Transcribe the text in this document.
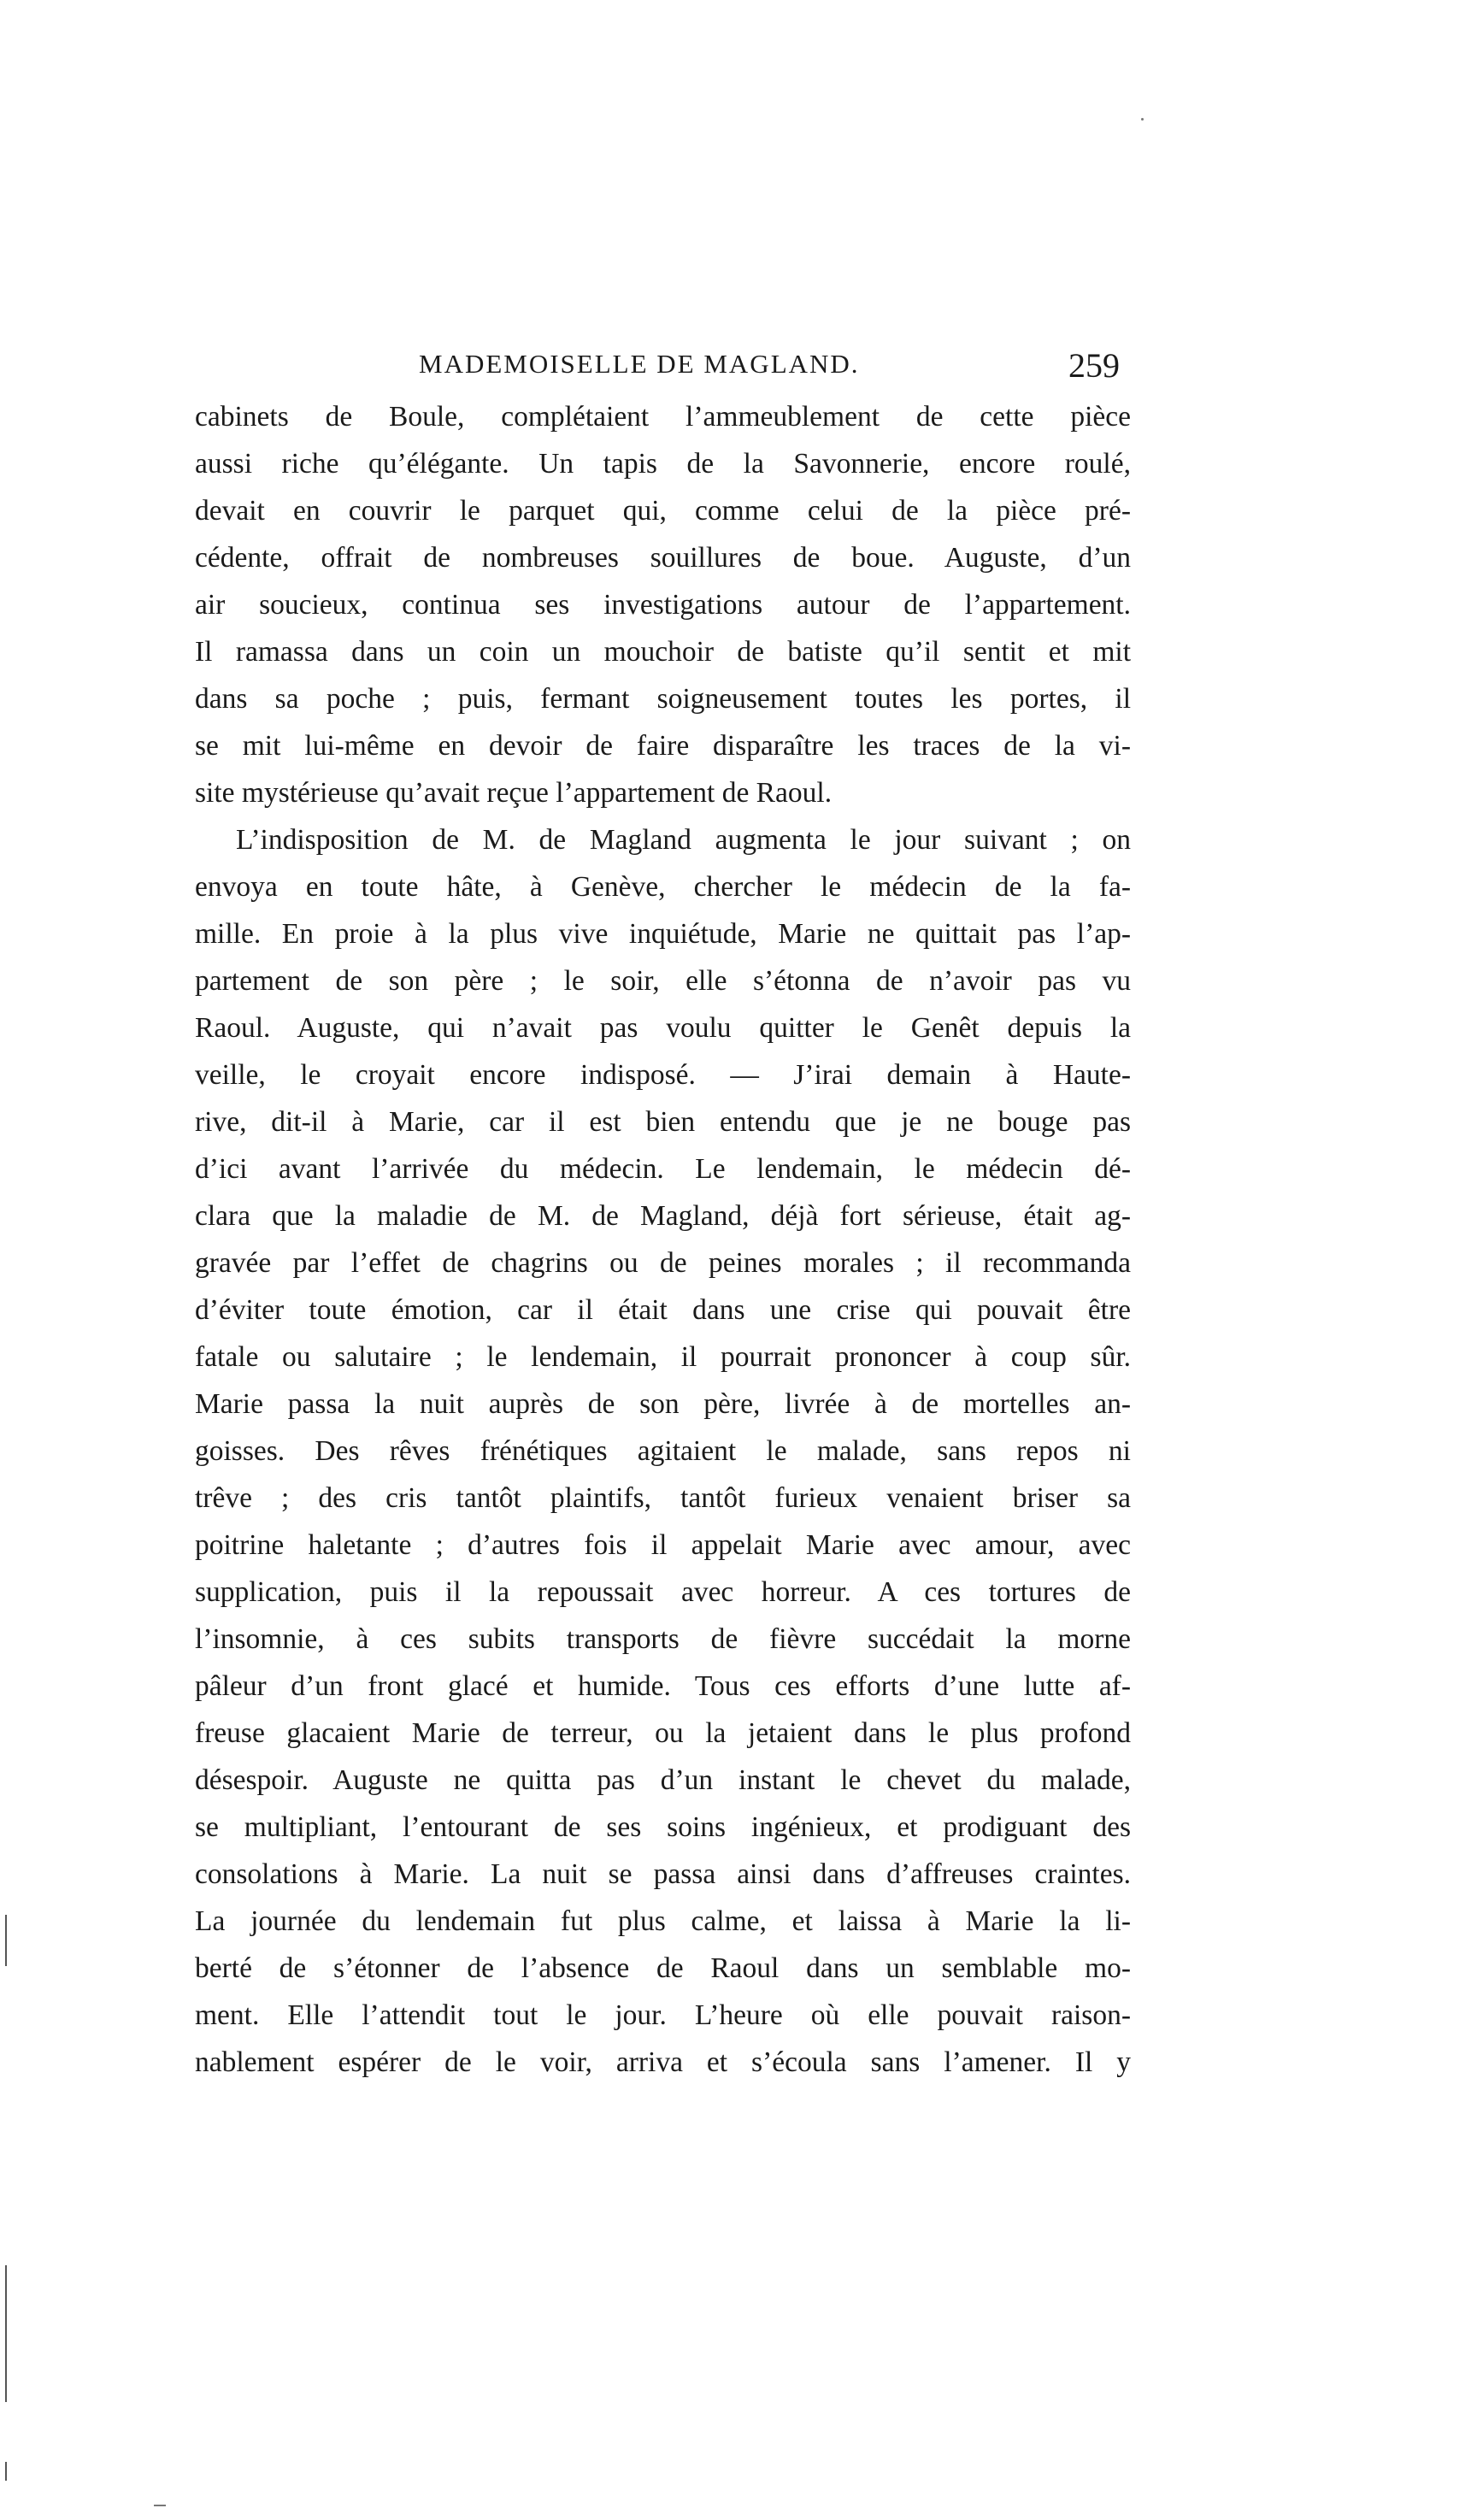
MADEMOISELLE DE MAGLAND.	259
cabinets de Boule, complétaient l’ammeublement de cette pièce
aussi riche qu’élégante. Un tapis de la Savonnerie, encore roulé,
devait en couvrir le parquet qui, comme celui de la pièce pré-
cédente, offrait de nombreuses souillures de boue. Auguste, d’un
air soucieux, continua ses investigations autour de l’appartement.
Il ramassa dans un coin un mouchoir de batiste qu’il sentit et mit
dans sa poche ; puis, fermant soigneusement toutes les portes, il
se mit lui-même en devoir de faire disparaître les traces de la vi-
site mystérieuse qu’avait reçue l’appartement de Raoul.
L’indisposition de M. de Magland augmenta le jour suivant ; on
envoya en toute hâte, à Genève, chercher le médecin de la fa-
mille. En proie à la plus vive inquiétude, Marie ne quittait pas l’ap-
partement de son père ; le soir, elle s’étonna de n’avoir pas vu
Raoul. Auguste, qui n’avait pas voulu quitter le Genêt depuis la
veille, le croyait encore indisposé. — J’irai demain à Haute-
rive, dit-il à Marie, car il est bien entendu que je ne bouge pas
d’ici avant l’arrivée du médecin. Le lendemain, le médecin dé-
clara que la maladie de M. de Magland, déjà fort sérieuse, était ag-
gravée par l’effet de chagrins ou de peines morales ; il recommanda
d’éviter toute émotion, car il était dans une crise qui pouvait être
fatale ou salutaire ; le lendemain, il pourrait prononcer à coup sûr.
Marie passa la nuit auprès de son père, livrée à de mortelles an-
goisses. Des rêves frénétiques agitaient le malade, sans repos ni
trêve ; des cris tantôt plaintifs, tantôt furieux venaient briser sa
poitrine haletante ; d’autres fois il appelait Marie avec amour, avec
supplication, puis il la repoussait avec horreur. A ces tortures de
l’insomnie, à ces subits transports de fièvre succédait la morne
pâleur d’un front glacé et humide. Tous ces efforts d’une lutte af-
freuse glacaient Marie de terreur, ou la jetaient dans le plus profond
désespoir. Auguste ne quitta pas d’un instant le chevet du malade,
se multipliant, l’entourant de ses soins ingénieux, et prodiguant des
consolations à Marie. La nuit se passa ainsi dans d’affreuses craintes.
La journée du lendemain fut plus calme, et laissa à Marie la li-
berté de s’étonner de l’absence de Raoul dans un semblable mo-
ment. Elle l’attendit tout le jour. L’heure où elle pouvait raison-
nablement espérer de le voir, arriva et s’écoula sans l’amener. Il y
